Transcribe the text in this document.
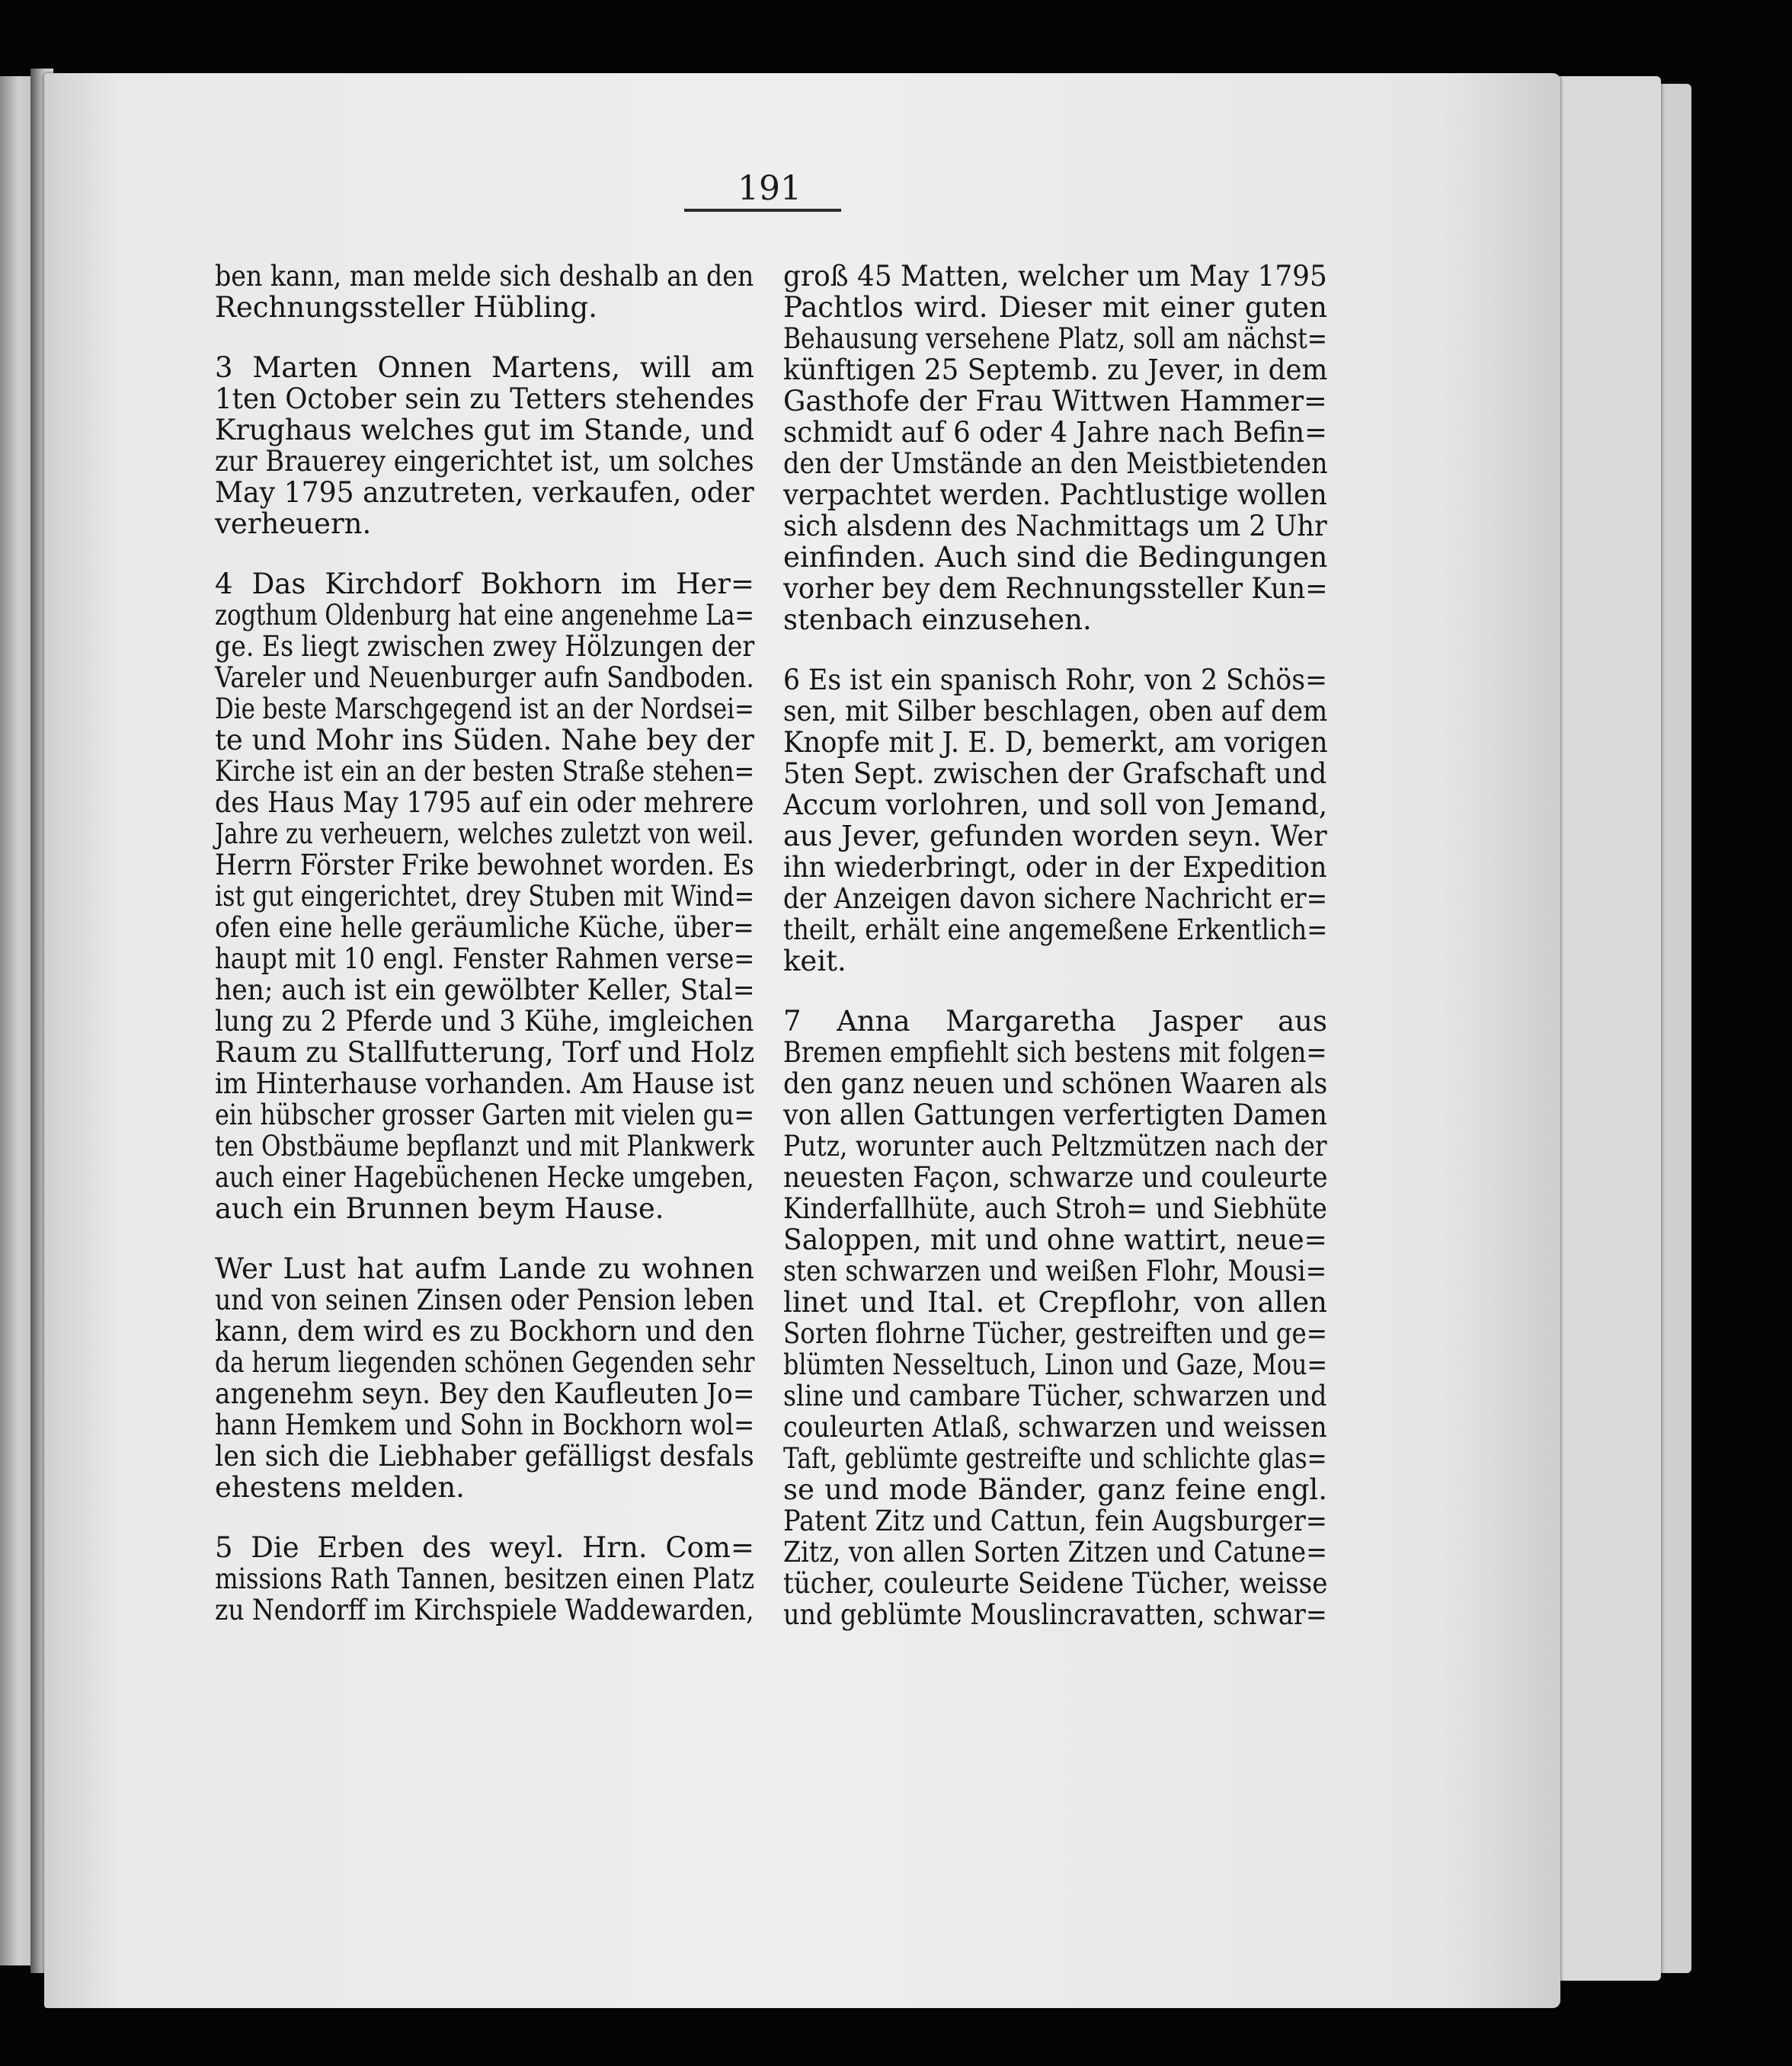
191

ben kann, man melde sich deshalb an den
Rechnungssteller Hübling.

3 Marten Onnen Martens, will am
1ten October sein zu Tetters stehendes
Krughaus welches gut im Stande, und
zur Brauerey eingerichtet ist, um solches
May 1795 anzutreten, verkaufen, oder
verheuern.

4 Das Kirchdorf Bokhorn im Her=
zogthum Oldenburg hat eine angenehme La=
ge. Es liegt zwischen zwey Hölzungen der
Vareler und Neuenburger aufn Sandboden.
Die beste Marschgegend ist an der Nordsei=
te und Mohr ins Süden. Nahe bey der
Kirche ist ein an der besten Straße stehen=
des Haus May 1795 auf ein oder mehrere
Jahre zu verheuern, welches zuletzt von weil.
Herrn Förster Frike bewohnet worden. Es
ist gut eingerichtet, drey Stuben mit Wind=
ofen eine helle geräumliche Küche, über=
haupt mit 10 engl. Fenster Rahmen verse=
hen; auch ist ein gewölbter Keller, Stal=
lung zu 2 Pferde und 3 Kühe, imgleichen
Raum zu Stallfutterung, Torf und Holz
im Hinterhause vorhanden. Am Hause ist
ein hübscher grosser Garten mit vielen gu=
ten Obstbäume bepflanzt und mit Plankwerk
auch einer Hagebüchenen Hecke umgeben,
auch ein Brunnen beym Hause.

Wer Lust hat aufm Lande zu wohnen
und von seinen Zinsen oder Pension leben
kann, dem wird es zu Bockhorn und den
da herum liegenden schönen Gegenden sehr
angenehm seyn. Bey den Kaufleuten Jo=
hann Hemkem und Sohn in Bockhorn wol=
len sich die Liebhaber gefälligst desfals
ehestens melden.

5 Die Erben des weyl. Hrn. Com=
missions Rath Tannen, besitzen einen Platz
zu Nendorff im Kirchspiele Waddewarden,

groß 45 Matten, welcher um May 1795
Pachtlos wird. Dieser mit einer guten
Behausung versehene Platz, soll am nächst=
künftigen 25 Septemb. zu Jever, in dem
Gasthofe der Frau Wittwen Hammer=
schmidt auf 6 oder 4 Jahre nach Befin=
den der Umstände an den Meistbietenden
verpachtet werden. Pachtlustige wollen
sich alsdenn des Nachmittags um 2 Uhr
einfinden. Auch sind die Bedingungen
vorher bey dem Rechnungssteller Kun=
stenbach einzusehen.

6 Es ist ein spanisch Rohr, von 2 Schös=
sen, mit Silber beschlagen, oben auf dem
Knopfe mit J. E. D, bemerkt, am vorigen
5ten Sept. zwischen der Grafschaft und
Accum vorlohren, und soll von Jemand,
aus Jever, gefunden worden seyn. Wer
ihn wiederbringt, oder in der Expedition
der Anzeigen davon sichere Nachricht er=
theilt, erhält eine angemeßene Erkentlich=
keit.

7 Anna Margaretha Jasper aus
Bremen empfiehlt sich bestens mit folgen=
den ganz neuen und schönen Waaren als
von allen Gattungen verfertigten Damen
Putz, worunter auch Peltzmützen nach der
neuesten Façon, schwarze und couleurte
Kinderfallhüte, auch Stroh= und Siebhüte
Saloppen, mit und ohne wattirt, neue=
sten schwarzen und weißen Flohr, Mousi=
linet und Ital. et Crepflohr, von allen
Sorten flohrne Tücher, gestreiften und ge=
blümten Nesseltuch, Linon und Gaze, Mou=
sline und cambare Tücher, schwarzen und
couleurten Atlaß, schwarzen und weissen
Taft, geblümte gestreifte und schlichte glas=
se und mode Bänder, ganz feine engl.
Patent Zitz und Cattun, fein Augsburger=
Zitz, von allen Sorten Zitzen und Catune=
tücher, couleurte Seidene Tücher, weisse
und geblümte Mouslincravatten, schwar=
